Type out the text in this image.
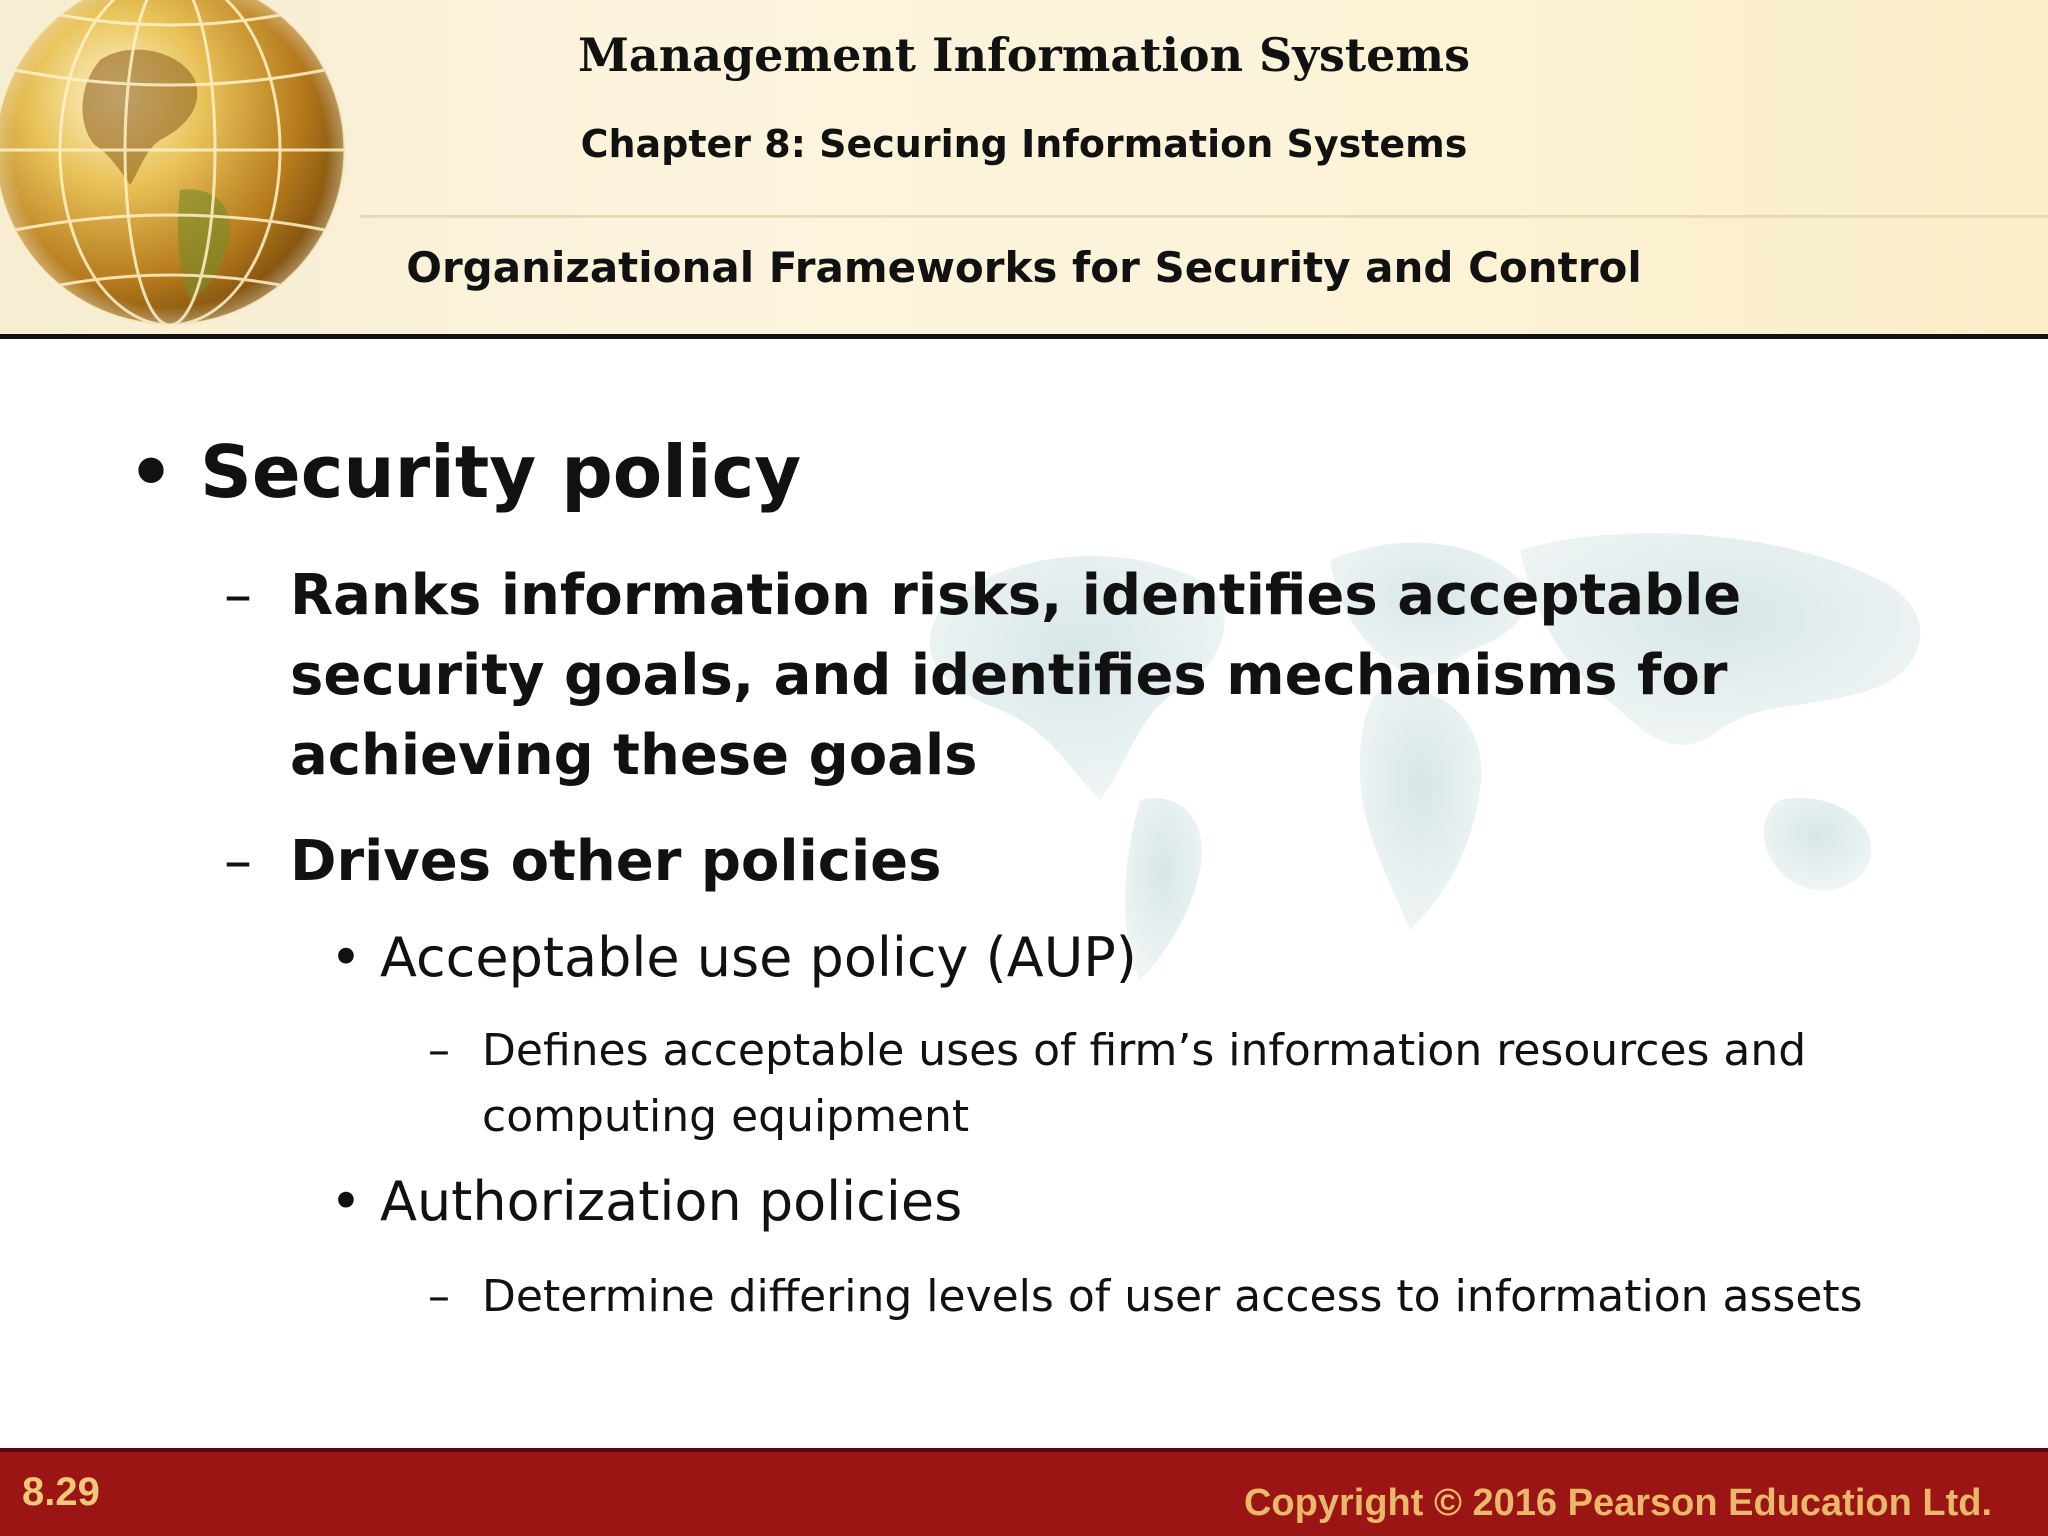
Management Information Systems
Chapter 8: Securing Information Systems
Organizational Frameworks for Security and Control
• Security policy
– Ranks information risks, identifies acceptable security goals, and identifies mechanisms for achieving these goals
– Drives other policies
• Acceptable use policy (AUP)
– Defines acceptable uses of firm’s information resources and computing equipment
• Authorization policies
– Determine differing levels of user access to information assets
8.29	Copyright © 2016 Pearson Education Ltd.
